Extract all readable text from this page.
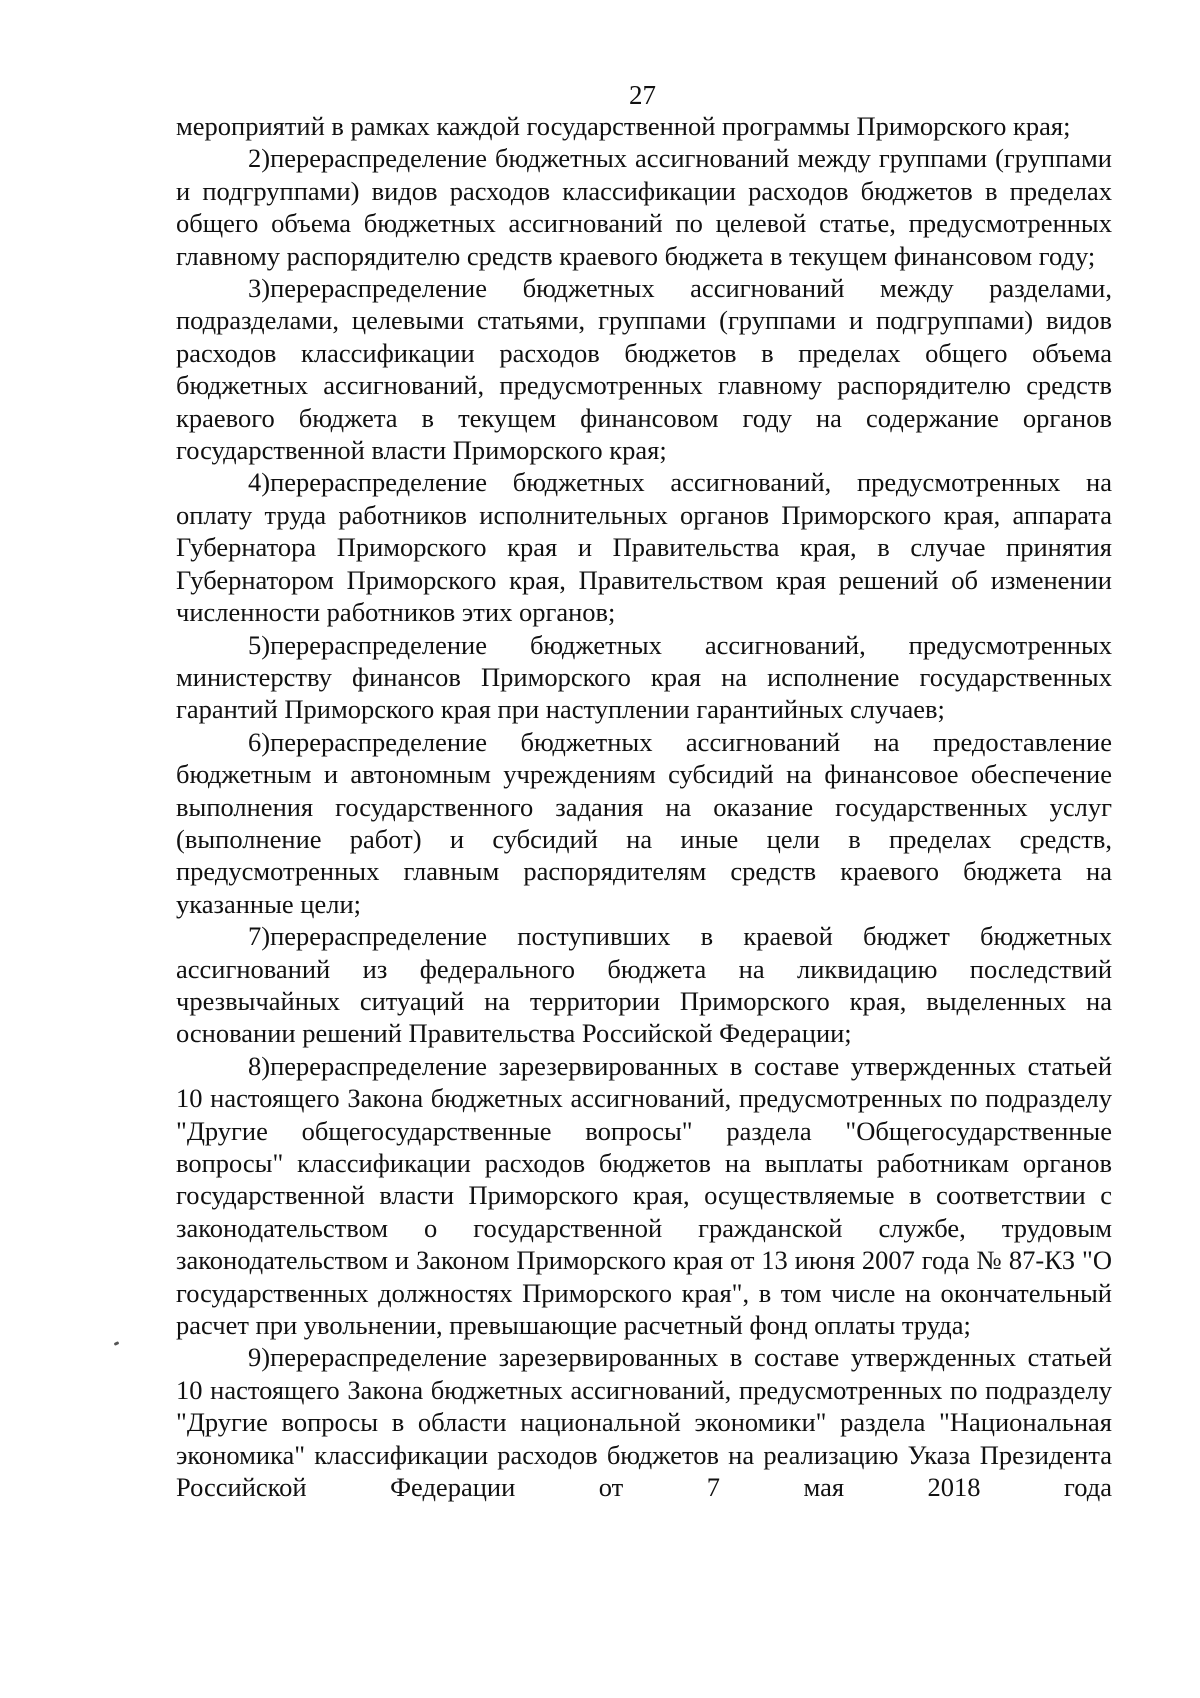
27

мероприятий в рамках каждой государственной программы Приморского края;

2)перераспределение бюджетных ассигнований между группами (группами и подгруппами) видов расходов классификации расходов бюджетов в пределах общего объема бюджетных ассигнований по целевой статье, предусмотренных главному распорядителю средств краевого бюджета в текущем финансовом году;

3)перераспределение бюджетных ассигнований между разделами, подразделами, целевыми статьями, группами (группами и подгруппами) видов расходов классификации расходов бюджетов в пределах общего объема бюджетных ассигнований, предусмотренных главному распорядителю средств краевого бюджета в текущем финансовом году на содержание органов государственной власти Приморского края;

4)перераспределение бюджетных ассигнований, предусмотренных на оплату труда работников исполнительных органов Приморского края, аппарата Губернатора Приморского края и Правительства края, в случае принятия Губернатором Приморского края, Правительством края решений об изменении численности работников этих органов;

5)перераспределение бюджетных ассигнований, предусмотренных министерству финансов Приморского края на исполнение государственных гарантий Приморского края при наступлении гарантийных случаев;

6)перераспределение бюджетных ассигнований на предоставление бюджетным и автономным учреждениям субсидий на финансовое обеспечение выполнения государственного задания на оказание государственных услуг (выполнение работ) и субсидий на иные цели в пределах средств, предусмотренных главным распорядителям средств краевого бюджета на указанные цели;

7)перераспределение поступивших в краевой бюджет бюджетных ассигнований из федерального бюджета на ликвидацию последствий чрезвычайных ситуаций на территории Приморского края, выделенных на основании решений Правительства Российской Федерации;

8)перераспределение зарезервированных в составе утвержденных статьей 10 настоящего Закона бюджетных ассигнований, предусмотренных по подразделу "Другие общегосударственные вопросы" раздела "Общегосударственные вопросы" классификации расходов бюджетов на выплаты работникам органов государственной власти Приморского края, осуществляемые в соответствии с законодательством о государственной гражданской службе, трудовым законодательством и Законом Приморского края от 13 июня 2007 года № 87-КЗ "О государственных должностях Приморского края", в том числе на окончательный расчет при увольнении, превышающие расчетный фонд оплаты труда;

9)перераспределение зарезервированных в составе утвержденных статьей 10 настоящего Закона бюджетных ассигнований, предусмотренных по подразделу "Другие вопросы в области национальной экономики" раздела "Национальная экономика" классификации расходов бюджетов на реализацию Указа Президента Российской Федерации от 7 мая 2018 года
